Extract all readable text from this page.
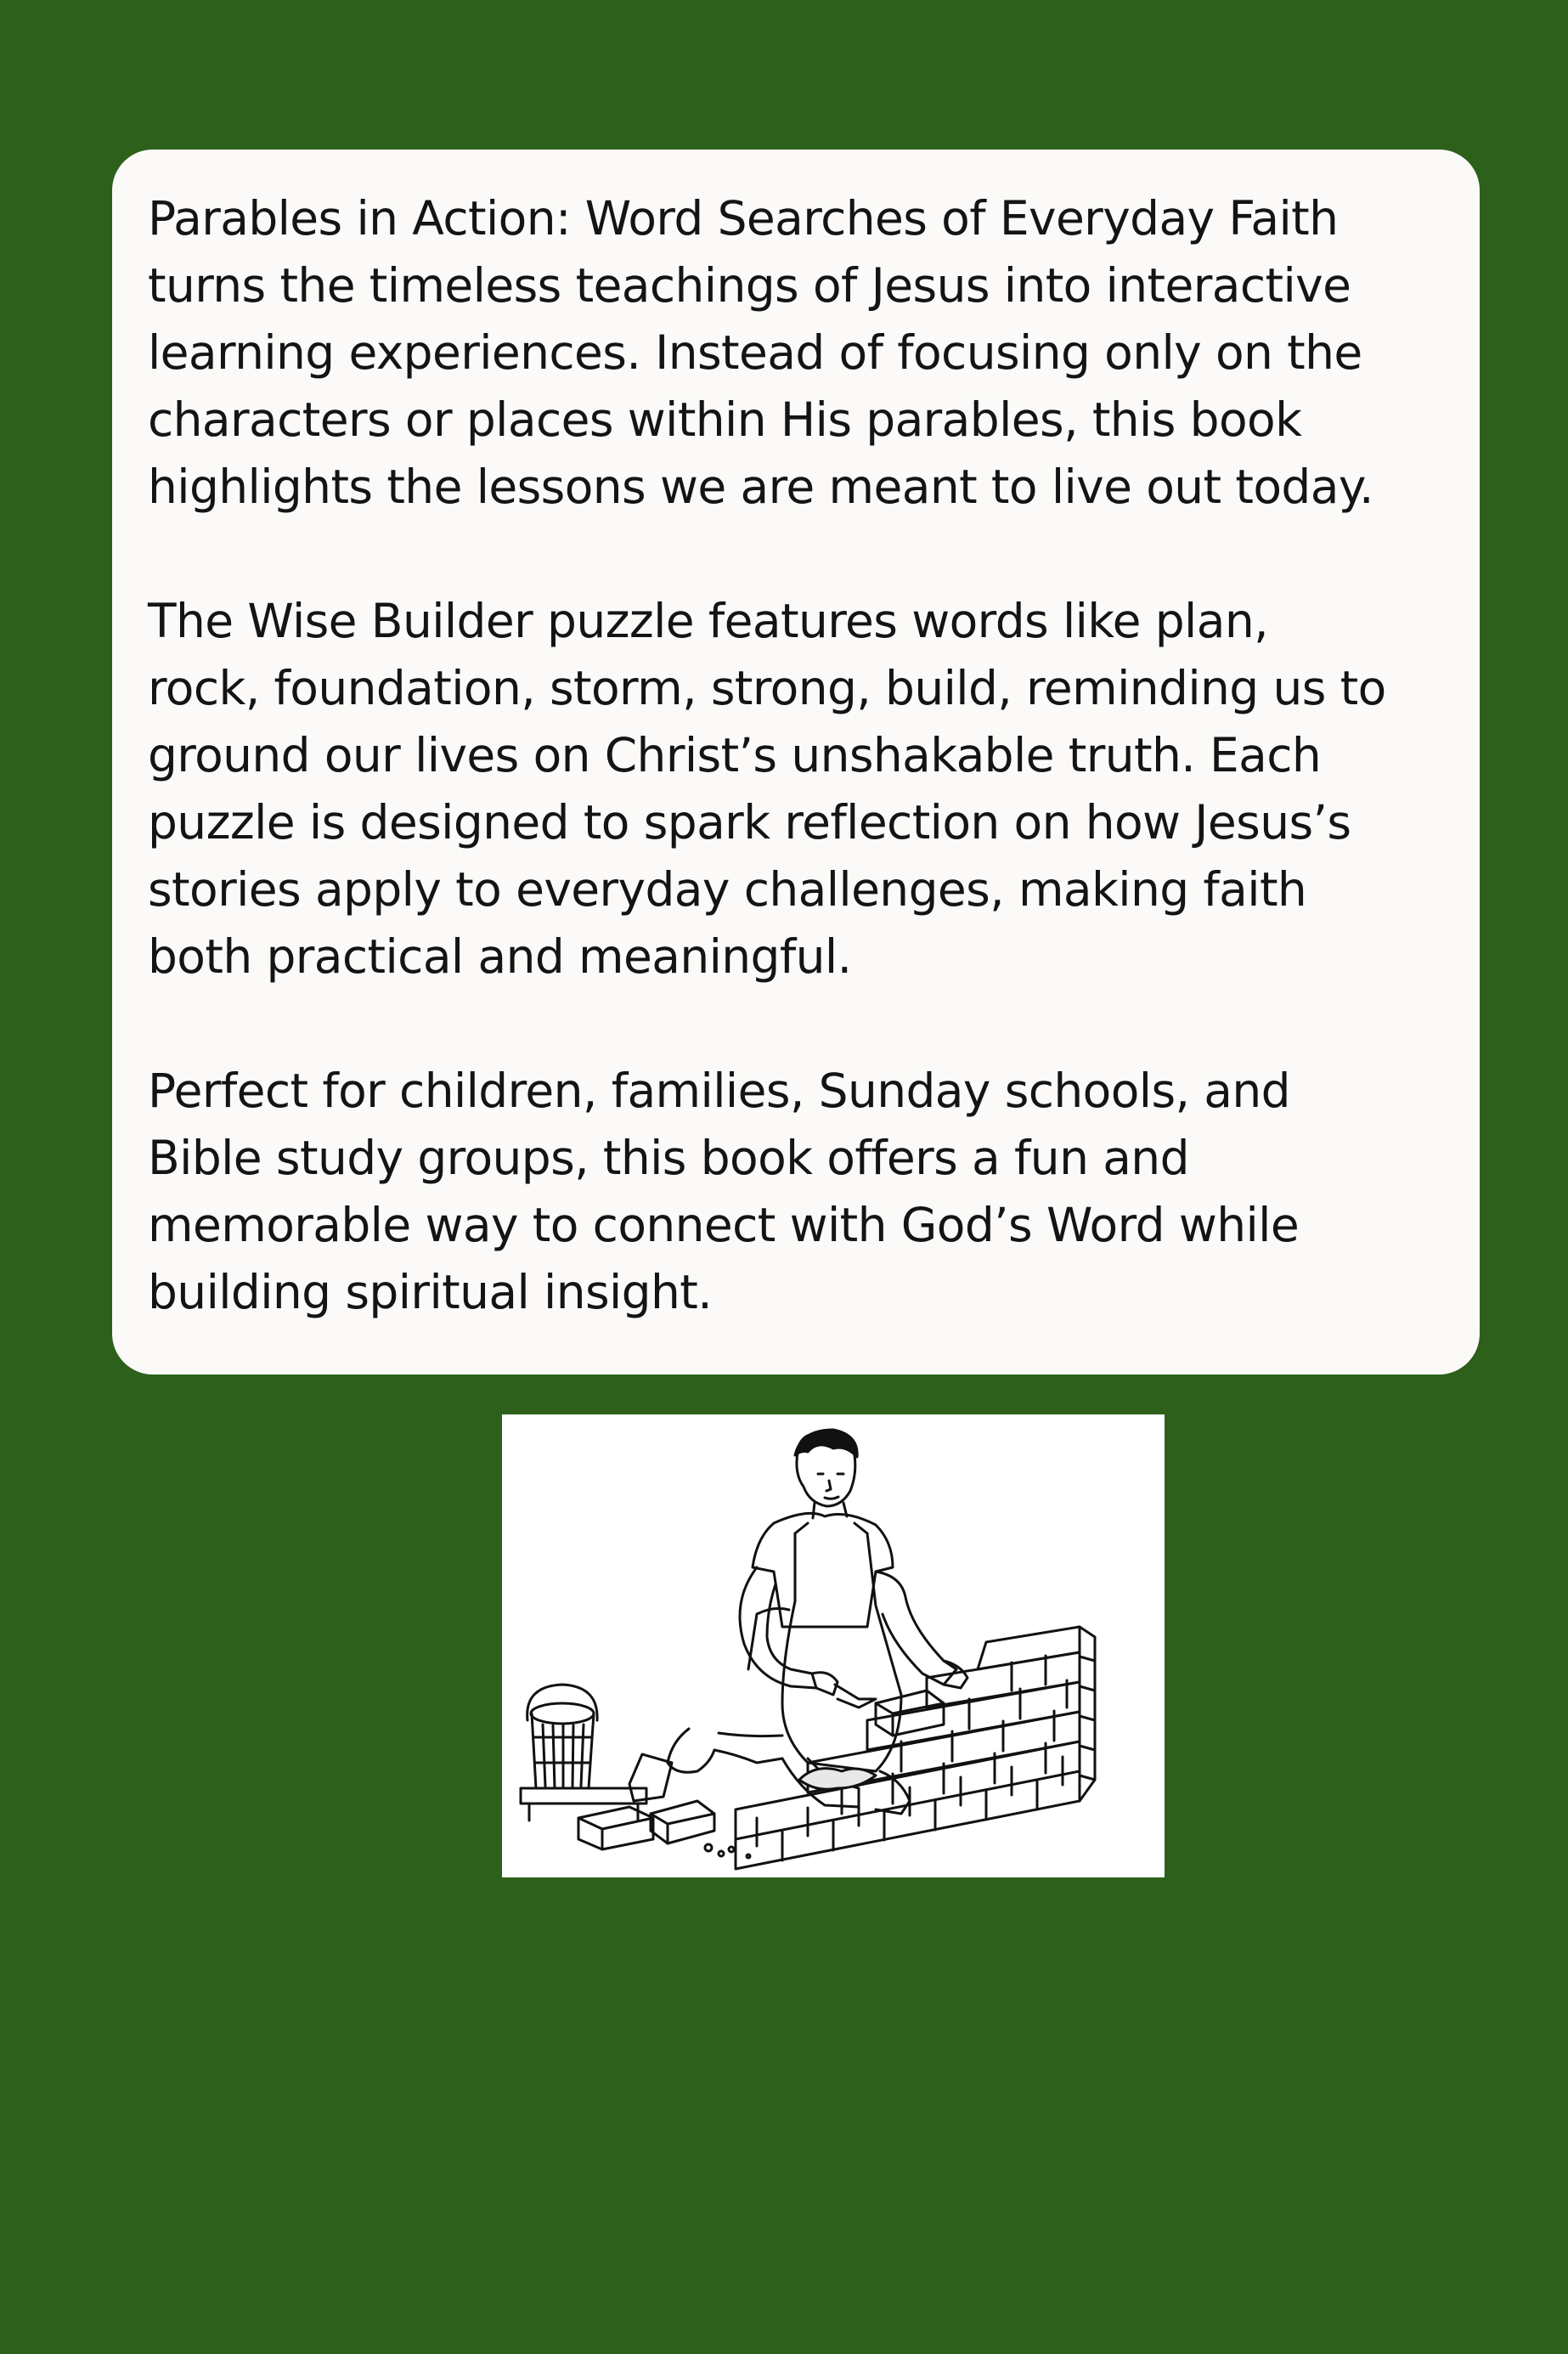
Parables in Action: Word Searches of Everyday Faith
turns the timeless teachings of Jesus into interactive
learning experiences. Instead of focusing only on the
characters or places within His parables, this book
highlights the lessons we are meant to live out today.

The Wise Builder puzzle features words like plan,
rock, foundation, storm, strong, build, reminding us to
ground our lives on Christ’s unshakable truth. Each
puzzle is designed to spark reflection on how Jesus’s
stories apply to everyday challenges, making faith
both practical and meaningful.

Perfect for children, families, Sunday schools, and
Bible study groups, this book offers a fun and
memorable way to connect with God’s Word while
building spiritual insight.
